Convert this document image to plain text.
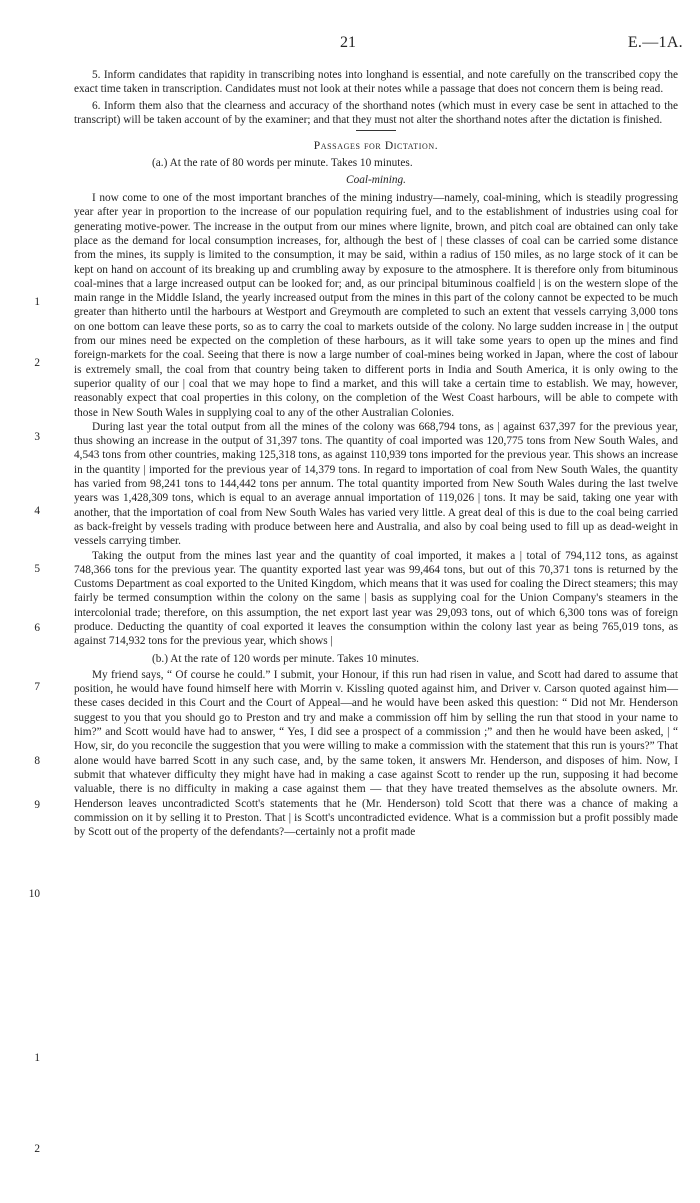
21	E.—1A.

5. Inform candidates that rapidity in transcribing notes into longhand is essential, and note carefully on the transcribed copy the exact time taken in transcription. Candidates must not look at their notes while a passage that does not concern them is being read.

6. Inform them also that the clearness and accuracy of the shorthand notes (which must in every case be sent in attached to the transcript) will be taken account of by the examiner; and that they must not alter the shorthand notes after the dictation is finished.

Passages for Dictation.
(a.) At the rate of 80 words per minute. Takes 10 minutes.
Coal-mining.

I now come to one of the most important branches of the mining industry—namely, coal-mining, which is steadily progressing year after year in proportion to the increase of our population requiring fuel, and to the establishment of industries using coal for generating motive-power. The increase in the output from our mines where lignite, brown, and pitch coal are obtained can only take place as the demand for local consumption increases, for, although the best of | these classes of coal can be carried some distance from the mines, its supply is limited to the consumption, it may be said, within a radius of 150 miles, as no large stock of it can be kept on hand on account of its breaking up and crumbling away by exposure to the atmosphere. It is therefore only from bituminous coal-mines that a large increased output can be looked for; and, as our principal bituminous coalfield | is on the western slope of the main range in the Middle Island, the yearly increased output from the mines in this part of the colony cannot be expected to be much greater than hitherto until the harbours at Westport and Greymouth are completed to such an extent that vessels carrying 3,000 tons on one bottom can leave these ports, so as to carry the coal to markets outside of the colony. No large sudden increase in | the output from our mines need be expected on the completion of these harbours, as it will take some years to open up the mines and find foreign-markets for the coal. Seeing that there is now a large number of coal-mines being worked in Japan, where the cost of labour is extremely small, the coal from that country being taken to different ports in India and South America, it is only owing to the superior quality of our | coal that we may hope to find a market, and this will take a certain time to establish. We may, however, reasonably expect that coal properties in this colony, on the completion of the West Coast harbours, will be able to compete with those in New South Wales in supplying coal to any of the other Australian Colonies.

During last year the total output from all the mines of the colony was 668,794 tons, as | against 637,397 for the previous year, thus showing an increase in the output of 31,397 tons. The quantity of coal imported was 120,775 tons from New South Wales, and 4,543 tons from other countries, making 125,318 tons, as against 110,939 tons imported for the previous year. This shows an increase in the quantity | imported for the previous year of 14,379 tons. In regard to importation of coal from New South Wales, the quantity has varied from 98,241 tons to 144,442 tons per annum. The total quantity imported from New South Wales during the last twelve years was 1,428,309 tons, which is equal to an average annual importation of 119,026 | tons. It may be said, taking one year with another, that the importation of coal from New South Wales has varied very little. A great deal of this is due to the coal being carried as back-freight by vessels trading with produce between here and Australia, and also by coal being used to fill up as dead-weight in vessels carrying timber.

Taking the output from the mines last year and the quantity of coal imported, it makes a | total of 794,112 tons, as against 748,366 tons for the previous year. The quantity exported last year was 99,464 tons, but out of this 70,371 tons is returned by the Customs Department as coal exported to the United Kingdom, which means that it was used for coaling the Direct steamers; this may fairly be termed consumption within the colony on the same | basis as supplying coal for the Union Company's steamers in the intercolonial trade; therefore, on this assumption, the net export last year was 29,093 tons, out of which 6,300 tons was of foreign produce. Deducting the quantity of coal exported it leaves the consumption within the colony last year as being 765,019 tons, as against 714,932 tons for the previous year, which shows |

(b.) At the rate of 120 words per minute. Takes 10 minutes.

My friend says, “ Of course he could.” I submit, your Honour, if this run had risen in value, and Scott had dared to assume that position, he would have found himself here with Morrin v. Kissling quoted against him, and Driver v. Carson quoted against him—these cases decided in this Court and the Court of Appeal—and he would have been asked this question: “ Did not Mr. Henderson suggest to you that you should go to Preston and try and make a commission off him by selling the run that stood in your name to him?” and Scott would have had to answer, “ Yes, I did see a prospect of a commission ;” and then he would have been asked, | “ How, sir, do you reconcile the suggestion that you were willing to make a commission with the statement that this run is yours?” That alone would have barred Scott in any such case, and, by the same token, it answers Mr. Henderson, and disposes of him. Now, I submit that whatever difficulty they might have had in making a case against Scott to render up the run, supposing it had become valuable, there is no difficulty in making a case against them — that they have treated themselves as the absolute owners. Mr. Henderson leaves uncontradicted Scott's statements that he (Mr. Henderson) told Scott that there was a chance of making a commission on it by selling it to Preston. That | is Scott's uncontradicted evidence. What is a commission but a profit possibly made by Scott out of the property of the defendants?—certainly not a profit made

1
2
3
4
5
6
7
8
9
10
1
2
